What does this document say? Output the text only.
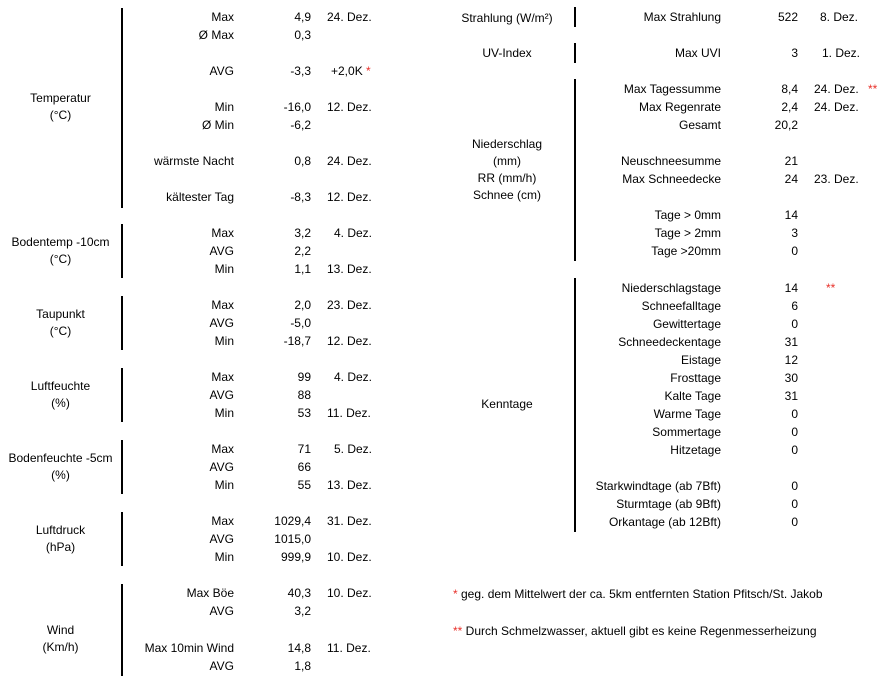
Temperatur
(°C)
Max	4,9 24. Dez.
Ø Max	0,3
AVG	-3,3 +2,0K *
Min	-16,0 12. Dez.
Ø Min	-6,2
wärmste Nacht	0,8 24. Dez.
kältester Tag	-8,3 12. Dez.
Bodentemp -10cm
(°C)
Max	3,2 4. Dez.
AVG	2,2
Min	1,1 13. Dez.
Taupunkt
(°C)
Max	2,0 23. Dez.
AVG	-5,0
Min	-18,7 12. Dez.
Luftfeuchte
(%)
Max	99 4. Dez.
AVG	88
Min	53 11. Dez.
Bodenfeuchte -5cm
(%)
Max	71 5. Dez.
AVG	66
Min	55 13. Dez.
Luftdruck
(hPa)
Max	1029,4 31. Dez.
AVG	1015,0
Min	999,9 10. Dez.
Wind
(Km/h)
Max Böe	40,3 10. Dez.
AVG	3,2
Max 10min Wind	14,8 11. Dez.
AVG	1,8
Strahlung (W/m²)	Max Strahlung	522 8. Dez.
UV-Index	Max UVI	3 1. Dez.
Niederschlag
(mm)
RR (mm/h)
Schnee (cm)
Max Tagessumme	8,4 24. Dez. **
Max Regenrate	2,4 24. Dez.
Gesamt	20,2
Neuschneesumme	21
Max Schneedecke	24 23. Dez.
Tage > 0mm	14
Tage > 2mm	3
Tage >20mm	0
Kenntage
Niederschlagstage	14 **
Schneefalltage	6
Gewittertage	0
Schneedeckentage	31
Eistage	12
Frosttage	30
Kalte Tage	31
Warme Tage	0
Sommertage	0
Hitzetage	0
Starkwindtage (ab 7Bft)	0
Sturmtage (ab 9Bft)	0
Orkantage (ab 12Bft)	0
* geg. dem Mittelwert der ca. 5km entfernten Station Pfitsch/St. Jakob
** Durch Schmelzwasser, aktuell gibt es keine Regenmesserheizung
